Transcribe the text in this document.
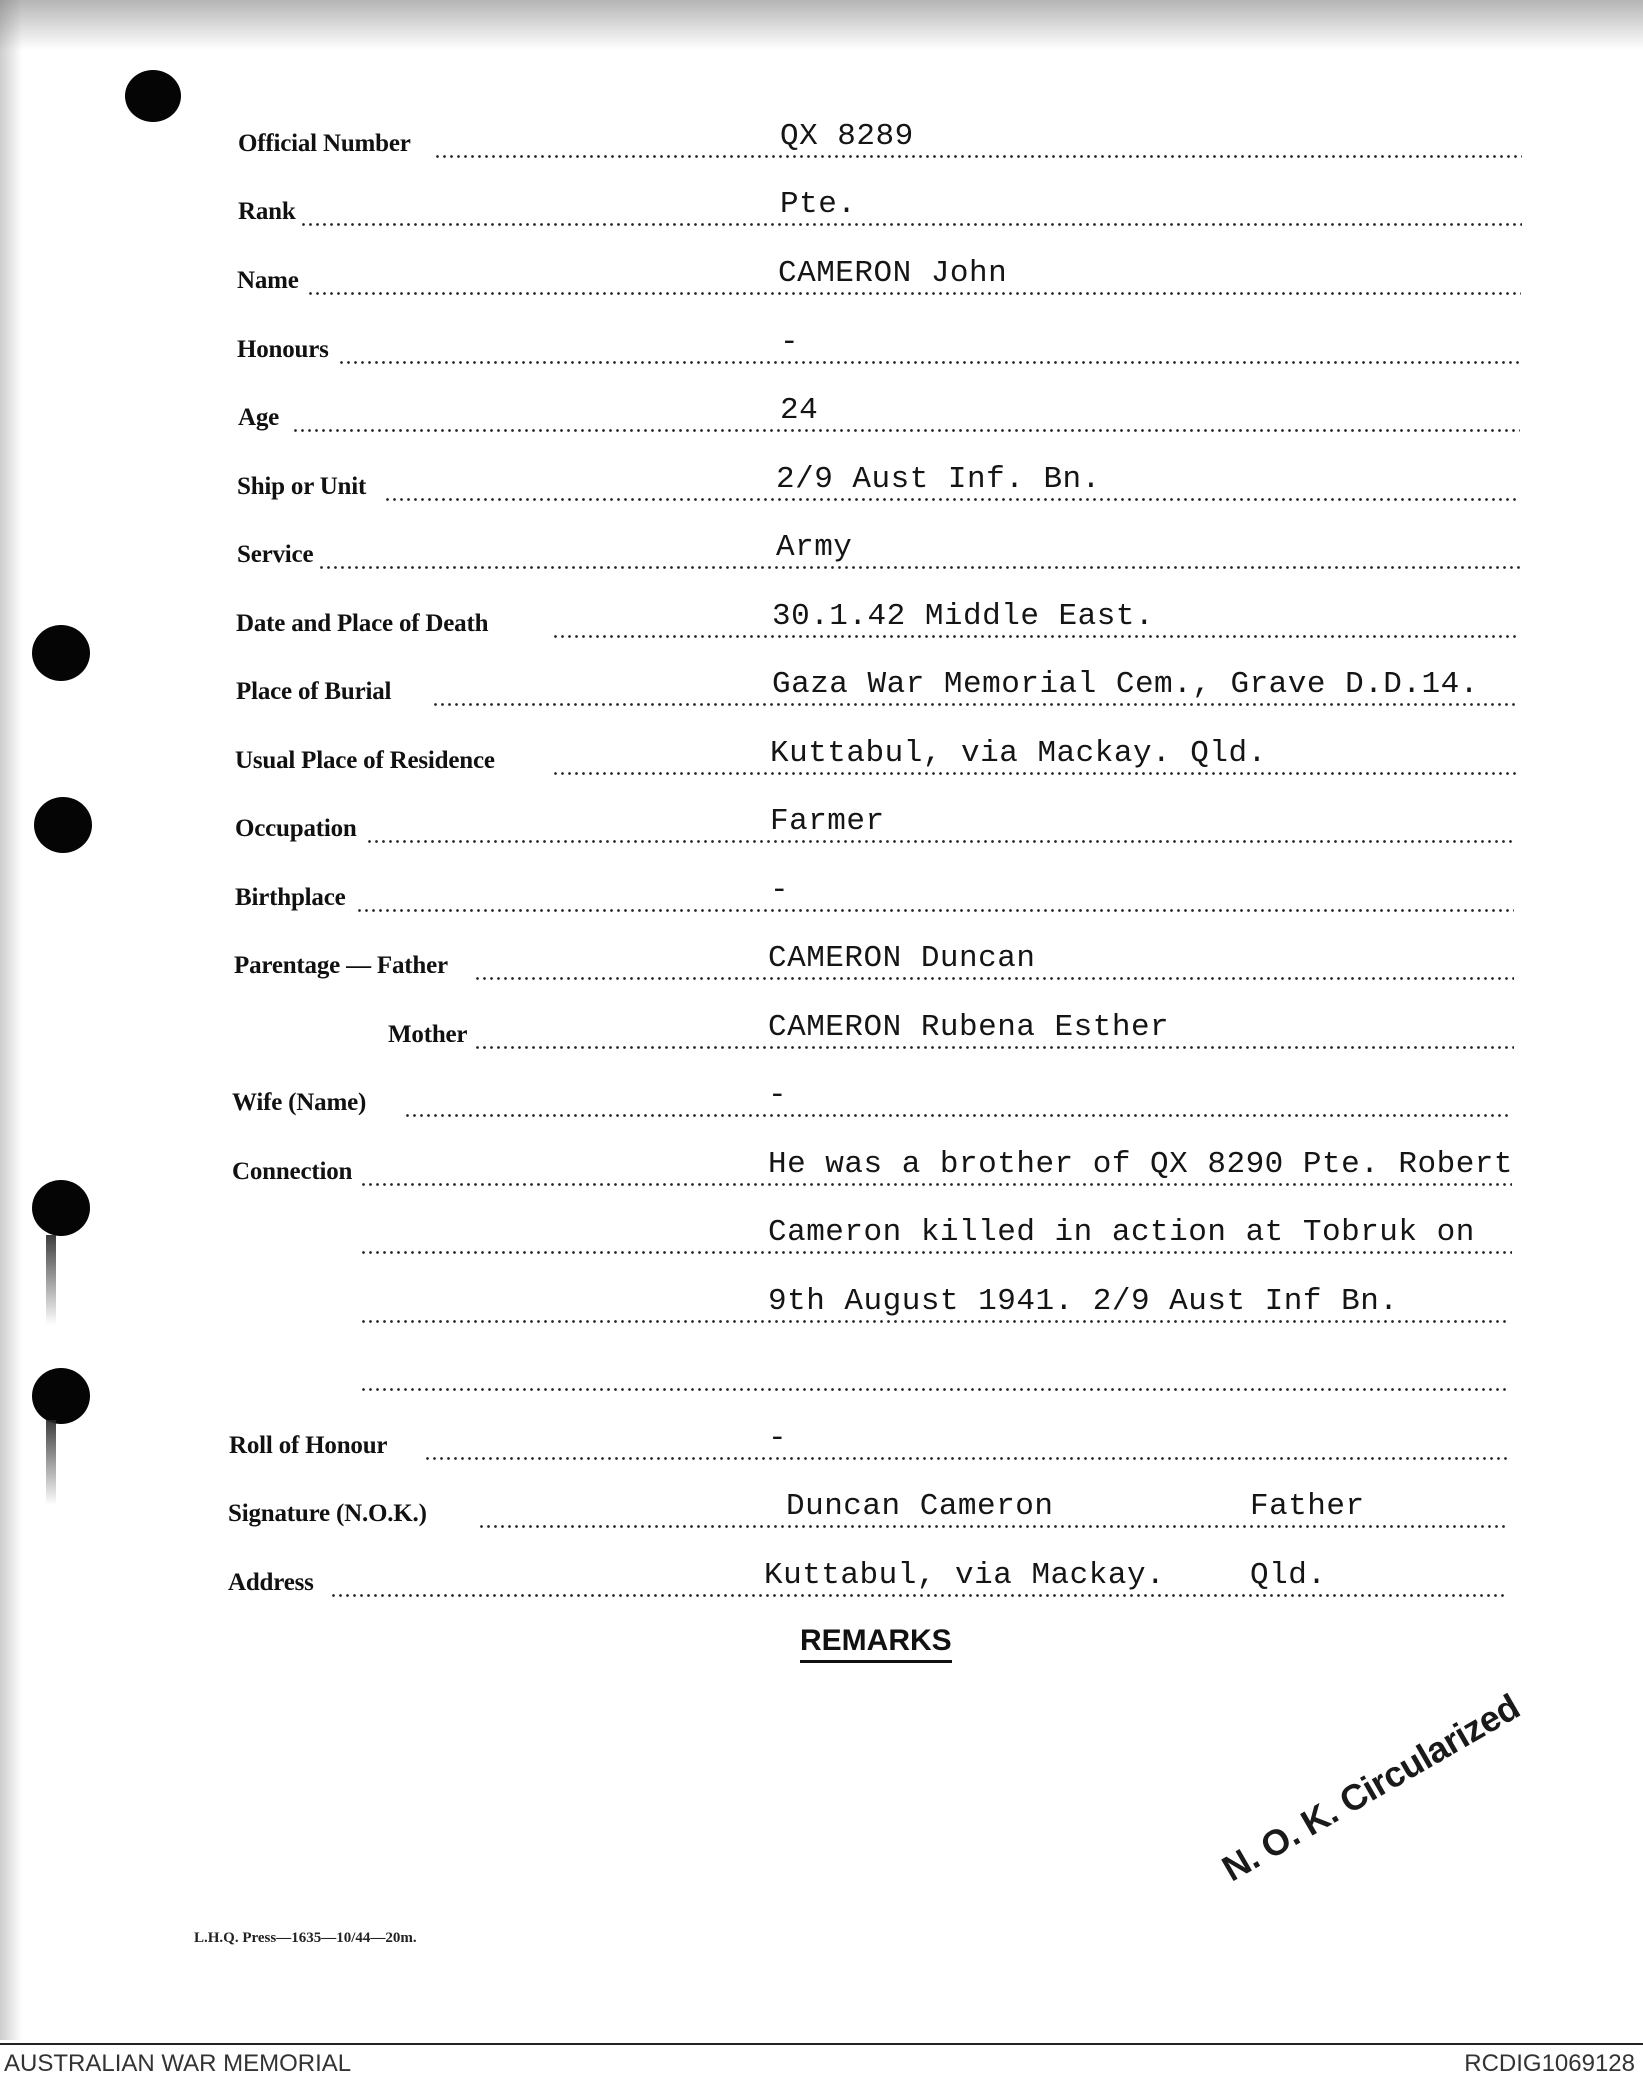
Official Number	QX 8289
Rank	Pte.
Name	CAMERON John
Honours	-
Age	24
Ship or Unit	2/9 Aust Inf. Bn.
Service	Army
Date and Place of Death	30.1.42 Middle East.
Place of Burial	Gaza War Memorial Cem., Grave D.D.14.
Usual Place of Residence	Kuttabul, via Mackay. Qld.
Occupation	Farmer
Birthplace	-
Parentage — Father	CAMERON Duncan
Mother	CAMERON Rubena Esther
Wife (Name)	-
Connection	He was a brother of QX 8290 Pte. Robert
Cameron killed in action at Tobruk on
9th August 1941. 2/9 Aust Inf Bn.
Roll of Honour	-
Signature (N.O.K.)	Duncan Cameron	Father
Address	Kuttabul, via Mackay.	Qld.
REMARKS
N. O. K. Circularized
L.H.Q. Press—1635—10/44—20m.
AUSTRALIAN WAR MEMORIAL	RCDIG1069128
